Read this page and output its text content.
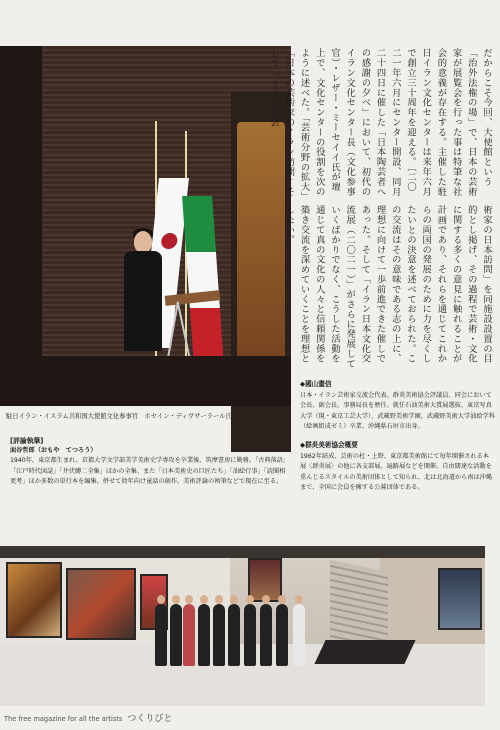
駐日イラン・イスラム共和国大使館文化参事官　ホセイン・ディヴサーラール氏
だからこそ今回、大使館という「治外法権の場」で、日本の芸術家が展覧会を行った事は特筆な社会的意義が存在する。主催した駐日イラン文化センターは来年六月で創立三十周年を迎える。〔二〇二一年六月にセンター開設、同月二十四日に催した「日本陶芸者への感謝の夕べ」において、初代のイラン文化センター長（文化参事官）・レザー・ミーセイイ氏が壇上で、文化センターの役割を次のように述べた。「芸術分野の拡大」「日本の芸術家のイラン訪問」そして「イランの芸
術家の日本訪問」を同施設設置の目的とし掲げ、その過程で芸術・文化に関する多くの意見に触れることが計画であり、それらを通じてこれからの両国の発展のために力を尽くしたいとの決意を述べておられた。この交流はその意味である志の上に、理想に向けて一歩前進できた催しであった。そして「イラン日本文化交流展（二〇二一）」がさらに発展していくばかりでなく、こうした活動を通じて真の文化の人々と信頼関係を築き交流を深めていくことを理想としたい。
◆國山畫信
日本・イラン芸術家交流会代表、群炎美術協会評議員、同会において会長、副会長、事務局長を歴任。就任石油美術大賞展選抜、東京写真大学（現・東京工芸大学）、武蔵野美術学園、武蔵野美術大学油絵学科（絵画組成ゼミ）卒業、沖縄県石垣市出身。
◆群炎美術協会概要
1962年結成、芸術の杜・上野、東京都美術館にて毎年開催される本展〈群炎展〉の他に各支部展、遍路展などを開催。自由闊達な活動を重んじるスタイルの美術団体として知られ、北は北海道から南は沖縄まで、全国に会員を擁する公募団体である。
[評論執筆]
面谷哲郎（おもや　てつろう）
1940年、東京都生まれ。京都大学文学部美学美術史学専攻を卒業後、筑摩書房に勤務。「古典落語」「江戸時代図誌」「井伏鱒二全集」ほかの全集、また「日本美術史の巨匠たち」「油絵行事」「読聞相更考」ほか多数の単行本を編集。併せて幼年向け童話の創作、美術評論の執筆などで現在に至る。
The free magazine for all the artists つくりびと
